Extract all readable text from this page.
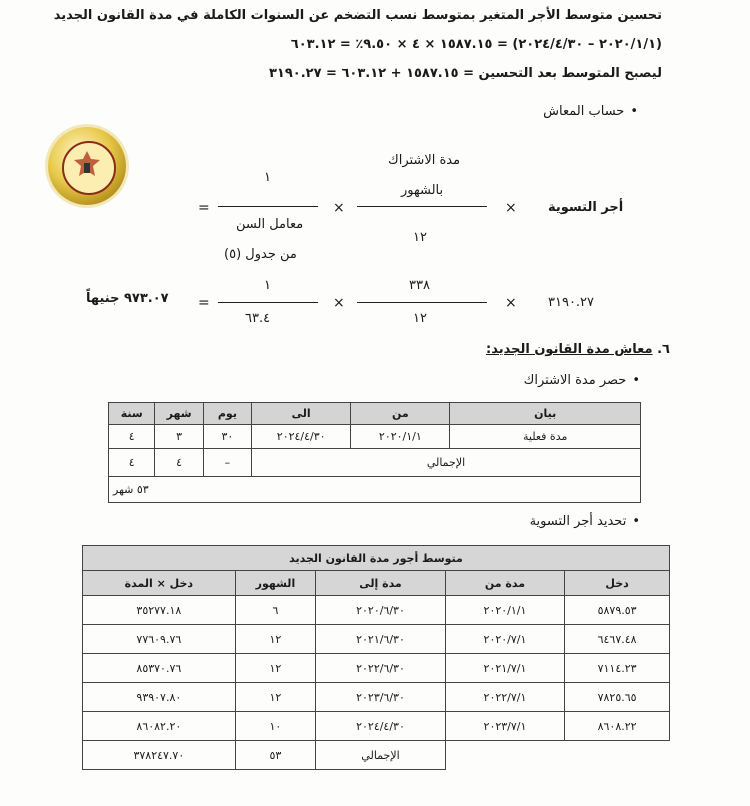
تحسين متوسط الأجر المتغير بمتوسط نسب التضخم عن السنوات الكاملة في مدة القانون الجديد
(٢٠٢٠/١/١ – ٢٠٢٤/٤/٣٠) = ١٥٨٧.١٥ × ٤ × ٩.٥٠٪ = ٦٠٣.١٢
ليصبح المتوسط بعد التحسين = ١٥٨٧.١٥ + ٦٠٣.١٢ = ٣١٩٠.٢٧
• حساب المعاش
أجر التسوية
×
مدة الاشتراك
بالشهور
١٢
×
١
معامل السن
من جدول (٥)
=
٣١٩٠.٢٧
×
٣٣٨
١٢
×
١
٦٣.٤
=
٩٧٣.٠٧ جنيهاً
٦. معاش مدة القانون الجديد:
• حصر مدة الاشتراك
بيان	من	الى	يوم	شهر	سنة
مدة فعلية	٢٠٢٠/١/١	٢٠٢٤/٤/٣٠	٣٠	٣	٤
الإجمالي			–	٤	٤
٥٣ شهر					
• تحديد أجر التسوية
متوسط أجور مدة القانون الجديد				
دخل	مدة من	مدة إلى	الشهور	دخل × المدة
٥٨٧٩.٥٣	٢٠٢٠/١/١	٢٠٢٠/٦/٣٠	٦	٣٥٢٧٧.١٨
٦٤٦٧.٤٨	٢٠٢٠/٧/١	٢٠٢١/٦/٣٠	١٢	٧٧٦٠٩.٧٦
٧١١٤.٢٣	٢٠٢١/٧/١	٢٠٢٢/٦/٣٠	١٢	٨٥٣٧٠.٧٦
٧٨٢٥.٦٥	٢٠٢٢/٧/١	٢٠٢٣/٦/٣٠	١٢	٩٣٩٠٧.٨٠
٨٦٠٨.٢٢	٢٠٢٣/٧/١	٢٠٢٤/٤/٣٠	١٠	٨٦٠٨٢.٢٠
		الإجمالي	٥٣	٣٧٨٢٤٧.٧٠
